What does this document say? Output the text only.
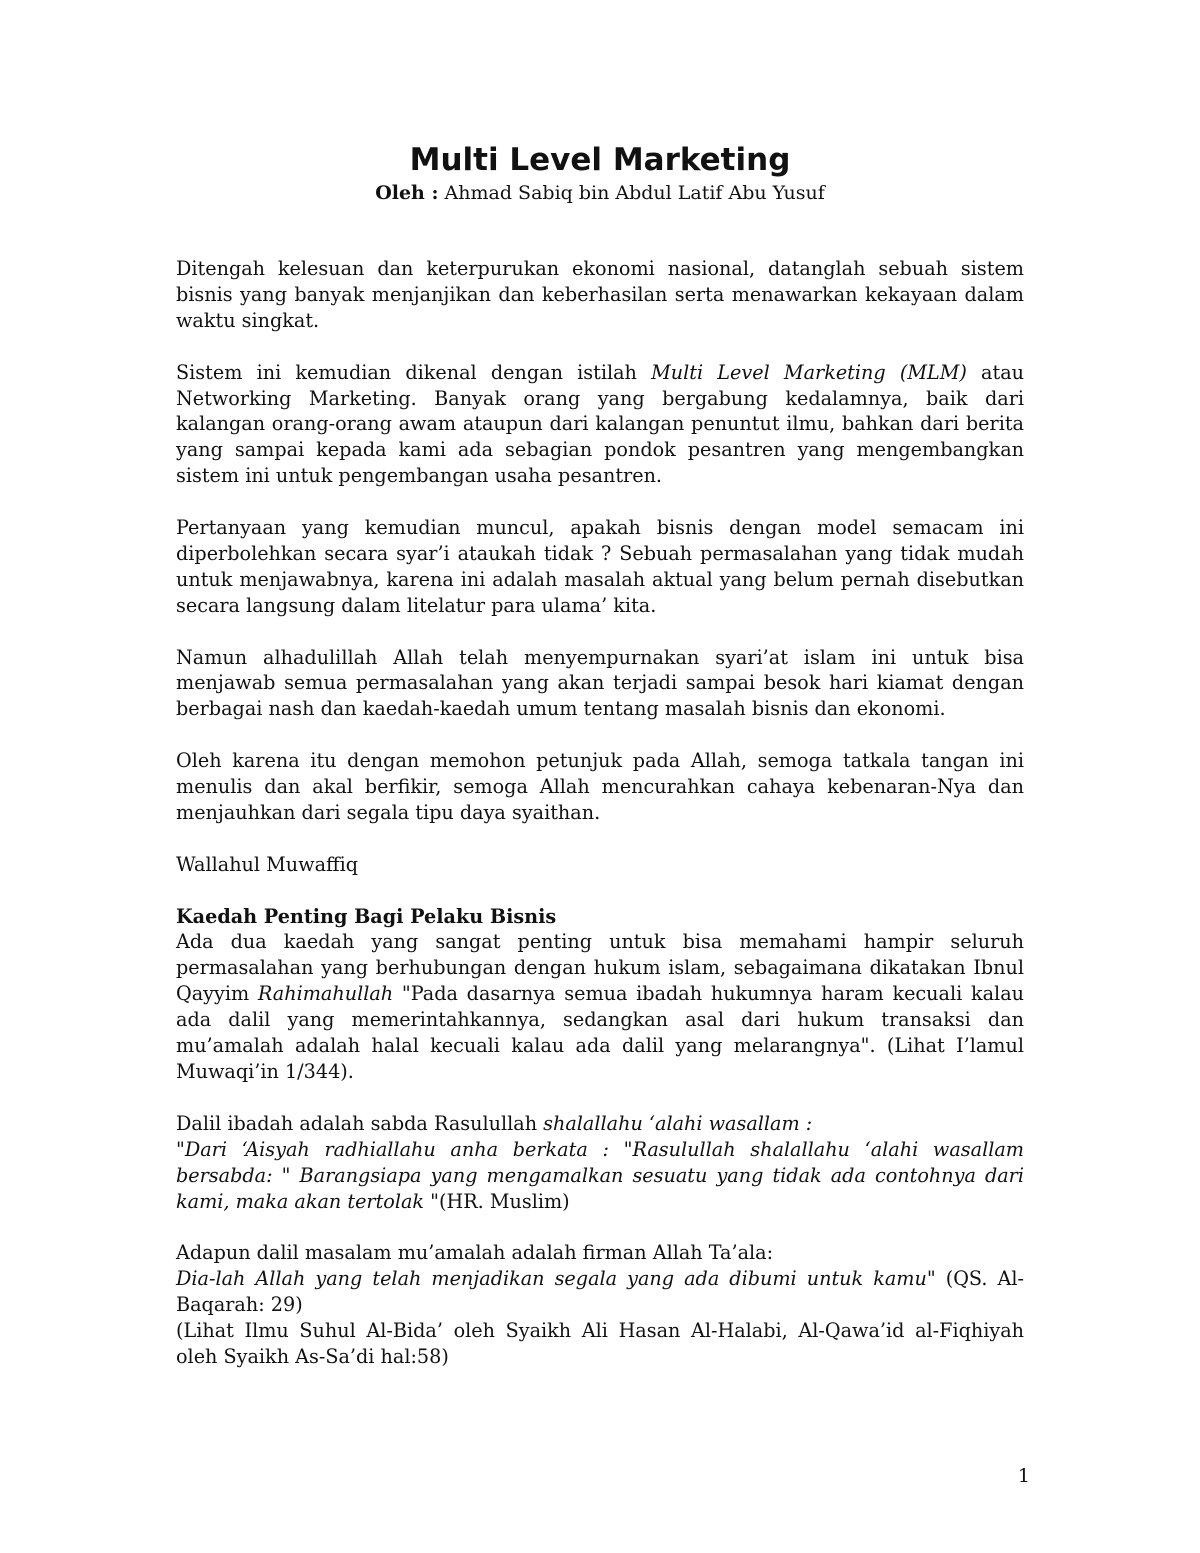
Multi Level Marketing

Oleh : Ahmad Sabiq bin Abdul Latif Abu Yusuf

Ditengah kelesuan dan keterpurukan ekonomi nasional, datanglah sebuah sistem bisnis yang banyak menjanjikan dan keberhasilan serta menawarkan kekayaan dalam waktu singkat.

Sistem ini kemudian dikenal dengan istilah Multi Level Marketing (MLM) atau Networking Marketing. Banyak orang yang bergabung kedalamnya, baik dari kalangan orang-orang awam ataupun dari kalangan penuntut ilmu, bahkan dari berita yang sampai kepada kami ada sebagian pondok pesantren yang mengembangkan sistem ini untuk pengembangan usaha pesantren.

Pertanyaan yang kemudian muncul, apakah bisnis dengan model semacam ini diperbolehkan secara syar’i ataukah tidak ? Sebuah permasalahan yang tidak mudah untuk menjawabnya, karena ini adalah masalah aktual yang belum pernah disebutkan secara langsung dalam litelatur para ulama’ kita.

Namun alhadulillah Allah telah menyempurnakan syari’at islam ini untuk bisa menjawab semua permasalahan yang akan terjadi sampai besok hari kiamat dengan berbagai nash dan kaedah-kaedah umum tentang masalah bisnis dan ekonomi.

Oleh karena itu dengan memohon petunjuk pada Allah, semoga tatkala tangan ini menulis dan akal berfikir, semoga Allah mencurahkan cahaya kebenaran-Nya dan menjauhkan dari segala tipu daya syaithan.

Wallahul Muwaffiq

Kaedah Penting Bagi Pelaku Bisnis

Ada dua kaedah yang sangat penting untuk bisa memahami hampir seluruh permasalahan yang berhubungan dengan hukum islam, sebagaimana dikatakan Ibnul Qayyim Rahimahullah "Pada dasarnya semua ibadah hukumnya haram kecuali kalau ada dalil yang memerintahkannya, sedangkan asal dari hukum transaksi dan mu’amalah adalah halal kecuali kalau ada dalil yang melarangnya". (Lihat I’lamul Muwaqi’in 1/344).

Dalil ibadah adalah sabda Rasulullah shalallahu ‘alahi wasallam :
"Dari ‘Aisyah radhiallahu anha berkata : "Rasulullah shalallahu ‘alahi wasallam bersabda: " Barangsiapa yang mengamalkan sesuatu yang tidak ada contohnya dari kami, maka akan tertolak "(HR. Muslim)

Adapun dalil masalam mu’amalah adalah firman Allah Ta’ala:
Dia-lah Allah yang telah menjadikan segala yang ada dibumi untuk kamu" (QS. Al-Baqarah: 29)

(Lihat Ilmu Suhul Al-Bida’ oleh Syaikh Ali Hasan Al-Halabi, Al-Qawa’id al-Fiqhiyah oleh Syaikh As-Sa’di hal:58)

1
